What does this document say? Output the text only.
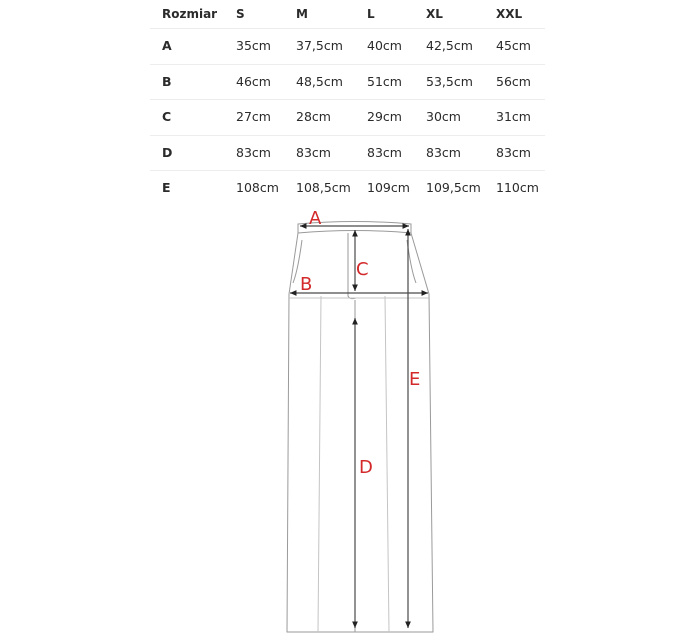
Rozmiar S	M	L	XL	XXL
A	35cm 37,5cm 40cm 42,5cm 45cm
B	46cm 48,5cm 51cm 53,5cm 56cm
C	27cm 28cm	29cm 30cm	31cm
D	83cm 83cm	83cm 83cm	83cm
E	108cm 108,5cm 109cm 109,5cm 110cm
A
B
C
D
E
